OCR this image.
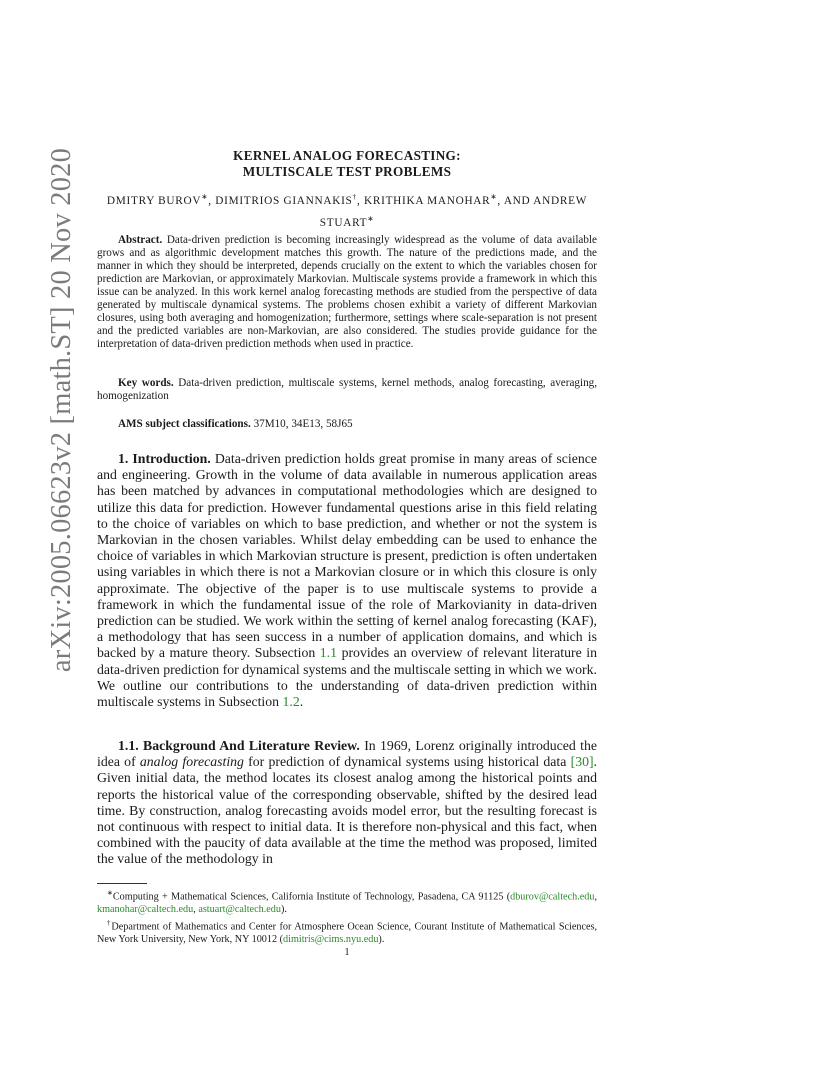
arXiv:2005.06623v2 [math.ST] 20 Nov 2020	KERNEL ANALOG FORECASTING:
MULTISCALE TEST PROBLEMS
DMITRY BUROV∗, DIMITRIOS GIANNAKIS†, KRITHIKA MANOHAR∗, AND ANDREW
STUART∗

Abstract. Data-driven prediction is becoming increasingly widespread as the volume of data available grows and as algorithmic development matches this growth. The nature of the predictions made, and the manner in which they should be interpreted, depends crucially on the extent to which the variables chosen for prediction are Markovian, or approximately Markovian. Multiscale systems provide a framework in which this issue can be analyzed. In this work kernel analog forecasting methods are studied from the perspective of data generated by multiscale dynamical systems. The problems chosen exhibit a variety of different Markovian closures, using both averaging and homogenization; furthermore, settings where scale-separation is not present and the predicted variables are non-Markovian, are also considered. The studies provide guidance for the interpretation of data-driven prediction methods when used in practice.

Key words. Data-driven prediction, multiscale systems, kernel methods, analog forecasting, averaging, homogenization

AMS subject classifications. 37M10, 34E13, 58J65

1. Introduction. Data-driven prediction holds great promise in many areas of science and engineering. Growth in the volume of data available in numerous application areas has been matched by advances in computational methodologies which are designed to utilize this data for prediction. However fundamental questions arise in this field relating to the choice of variables on which to base prediction, and whether or not the system is Markovian in the chosen variables. Whilst delay embedding can be used to enhance the choice of variables in which Markovian structure is present, prediction is often undertaken using variables in which there is not a Markovian closure or in which this closure is only approximate. The objective of the paper is to use multiscale systems to provide a framework in which the fundamental issue of the role of Markovianity in data-driven prediction can be studied. We work within the setting of kernel analog forecasting (KAF), a methodology that has seen success in a number of application domains, and which is backed by a mature theory. Subsection 1.1 provides an overview of relevant literature in data-driven prediction for dynamical systems and the multiscale setting in which we work. We outline our contributions to the understanding of data-driven prediction within multiscale systems in Subsection 1.2.

1.1. Background And Literature Review. In 1969, Lorenz originally introduced the idea of analog forecasting for prediction of dynamical systems using historical data [30]. Given initial data, the method locates its closest analog among the historical points and reports the historical value of the corresponding observable, shifted by the desired lead time. By construction, analog forecasting avoids model error, but the resulting forecast is not continuous with respect to initial data. It is therefore non-physical and this fact, when combined with the paucity of data available at the time the method was proposed, limited the value of the methodology in

∗Computing + Mathematical Sciences, California Institute of Technology, Pasadena, CA 91125 (dburov@caltech.edu, kmanohar@caltech.edu, astuart@caltech.edu).

†Department of Mathematics and Center for Atmosphere Ocean Science, Courant Institute of Mathematical Sciences, New York University, New York, NY 10012 (dimitris@cims.nyu.edu).

1
